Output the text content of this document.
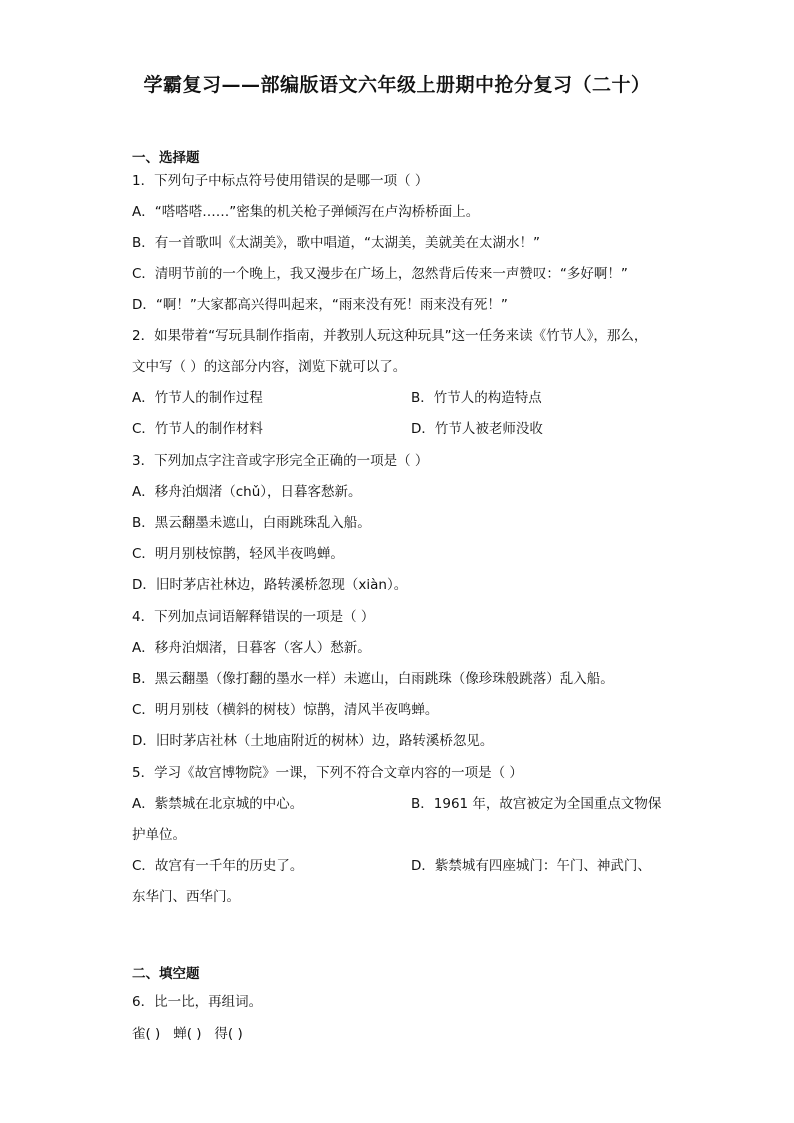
学霸复习——部编版语文六年级上册期中抢分复习（二十）
一、选择题
1．下列句子中标点符号使用错误的是哪一项（ ）
A．“嗒嗒嗒……”密集的机关枪子弹倾泻在卢沟桥桥面上。
B．有一首歌叫《太湖美》，歌中唱道，“太湖美，美就美在太湖水！”
C．清明节前的一个晚上，我又漫步在广场上，忽然背后传来一声赞叹：“多好啊！”
D．“啊！”大家都高兴得叫起来，“雨来没有死！雨来没有死！”
2．如果带着“写玩具制作指南，并教别人玩这种玩具”这一任务来读《竹节人》，那么，
文中写（ ）的这部分内容，浏览下就可以了。
A．竹节人的制作过程	B．竹节人的构造特点
C．竹节人的制作材料	D．竹节人被老师没收
3．下列加点字注音或字形完全正确的一项是（ ）
A．移舟泊烟渚（chǔ），日暮客愁新。
B．黑云翻墨未遮山，白雨跳珠乱入船。
C．明月别枝惊鹊，轻风半夜鸣蝉。
D．旧时茅店社林边，路转溪桥忽现（xiàn）。
4．下列加点词语解释错误的一项是（ ）
A．移舟泊烟渚，日暮客（客人）愁新。
B．黑云翻墨（像打翻的墨水一样）未遮山，白雨跳珠（像珍珠般跳落）乱入船。
C．明月别枝（横斜的树枝）惊鹊，清风半夜鸣蝉。
D．旧时茅店社林（土地庙附近的树林）边，路转溪桥忽见。
5．学习《故宫博物院》一课，下列不符合文章内容的一项是（ ）
A．紫禁城在北京城的中心。	B．1961 年，故宫被定为全国重点文物保
护单位。
C．故宫有一千年的历史了。	D．紫禁城有四座城门：午门、神武门、
东华门、西华门。
二、填空题
6．比一比，再组词。
雀( ) 蝉( ) 得( )
